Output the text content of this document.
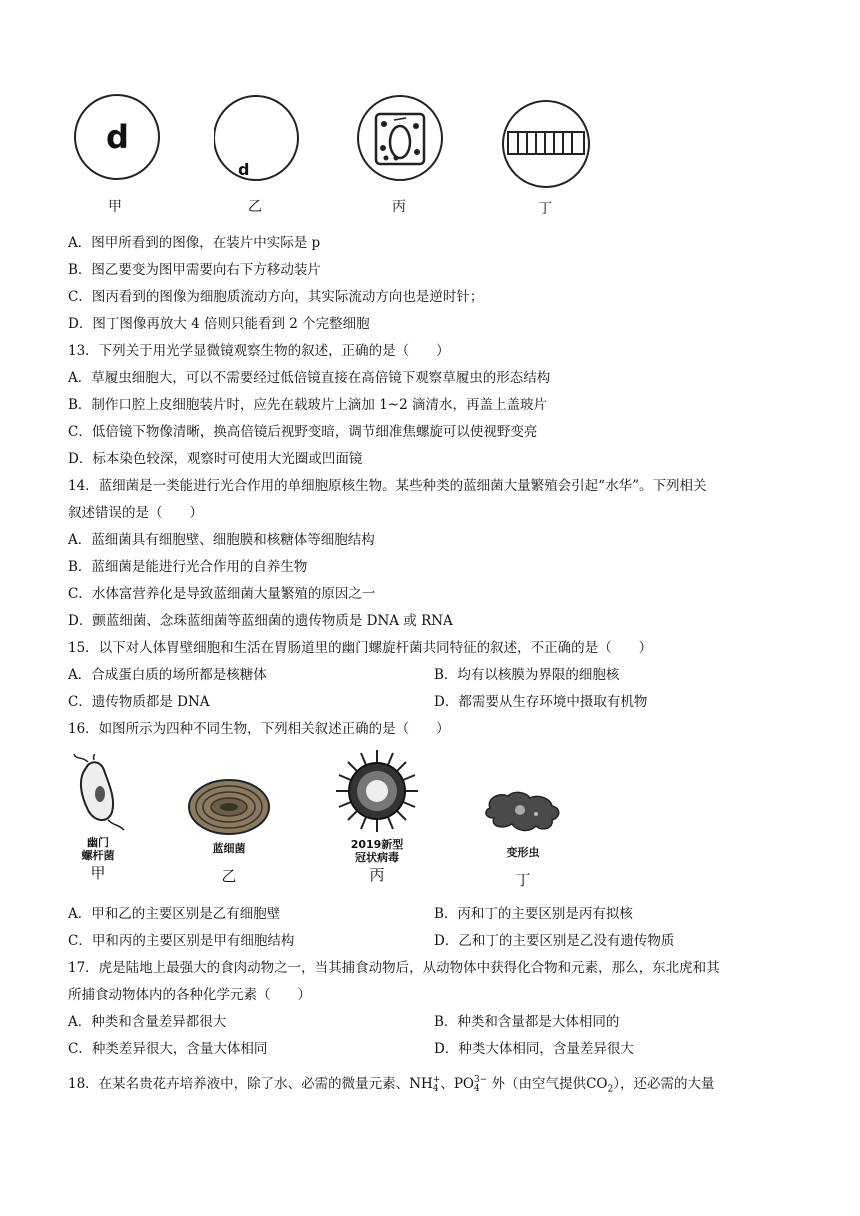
d
甲
d
乙	丙	丁
A．图甲所看到的图像，在装片中实际是 p
B．图乙要变为图甲需要向右下方移动装片
C．图丙看到的图像为细胞质流动方向，其实际流动方向也是逆时针；
D．图丁图像再放大 4 倍则只能看到 2 个完整细胞
13．下列关于用光学显微镜观察生物的叙述，正确的是（　　）
A．草履虫细胞大，可以不需要经过低倍镜直接在高倍镜下观察草履虫的形态结构
B．制作口腔上皮细胞装片时，应先在载玻片上滴加 1~2 滴清水，再盖上盖玻片
C．低倍镜下物像清晰，换高倍镜后视野变暗，调节细准焦螺旋可以使视野变亮
D．标本染色较深，观察时可使用大光圈或凹面镜
14．蓝细菌是一类能进行光合作用的单细胞原核生物。某些种类的蓝细菌大量繁殖会引起“水华”。下列相关
叙述错误的是（　　）
A．蓝细菌具有细胞壁、细胞膜和核糖体等细胞结构
B．蓝细菌是能进行光合作用的自养生物
C．水体富营养化是导致蓝细菌大量繁殖的原因之一
D．颤蓝细菌、念珠蓝细菌等蓝细菌的遗传物质是 DNA 或 RNA
15．以下对人体胃壁细胞和生活在胃肠道里的幽门螺旋杆菌共同特征的叙述，不正确的是（　　）
A．合成蛋白质的场所都是核糖体	B．均有以核膜为界限的细胞核
C．遗传物质都是 DNA	D．都需要从生存环境中摄取有机物
16．如图所示为四种不同生物，下列相关叙述正确的是（　　）
幽门
螺杆菌
甲
蓝细菌
乙
2019新型
冠状病毒
丙
变形虫
丁
A．甲和乙的主要区别是乙有细胞壁	B．丙和丁的主要区别是丙有拟核
C．甲和丙的主要区别是甲有细胞结构	D．乙和丁的主要区别是乙没有遗传物质
17．虎是陆地上最强大的食肉动物之一，当其捕食动物后，从动物体中获得化合物和元素，那么，东北虎和其
所捕食动物体内的各种化学元素（　　）
A．种类和含量差异都很大	B．种类和含量都是大体相同的
C．种类差异很大，含量大体相同	D．种类大体相同，含量差异很大
18．在某名贵花卉培养液中，除了水、必需的微量元素、NH +
4 、PO 3−
4 外（由空气提供$CO_2$），还必需的大量
